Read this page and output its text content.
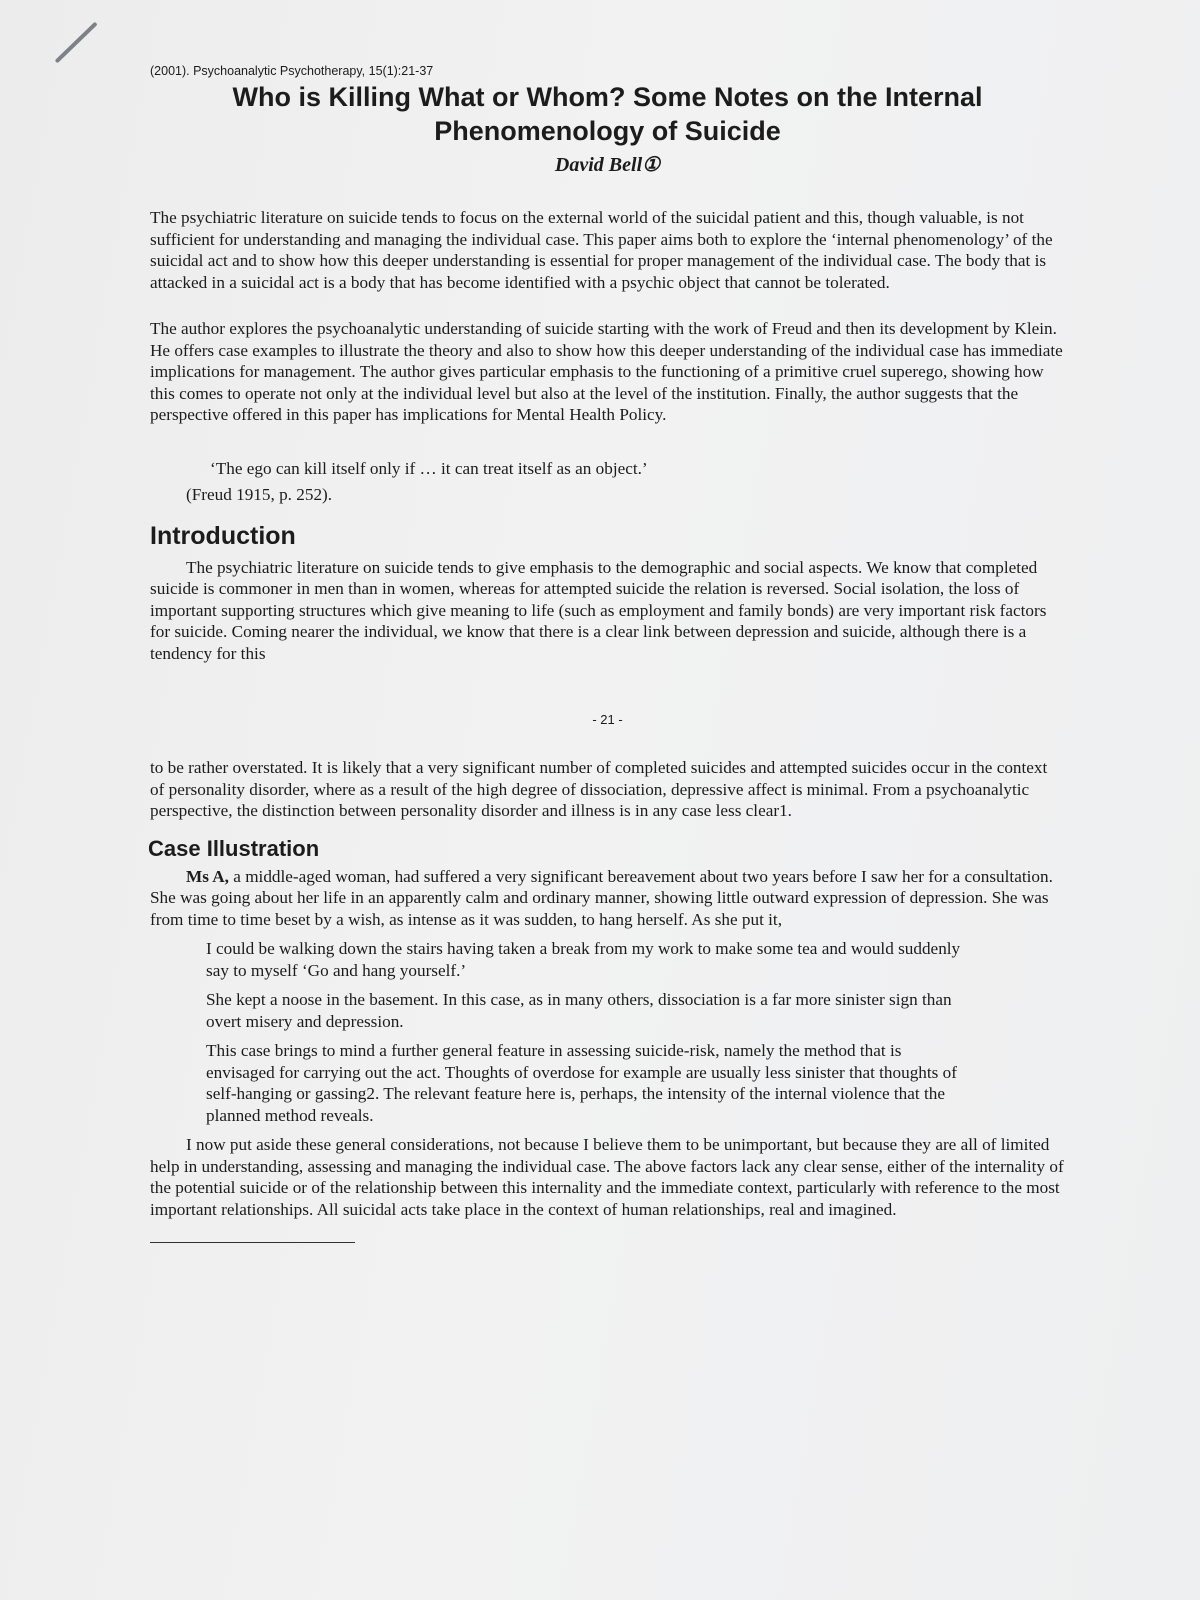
(2001). Psychoanalytic Psychotherapy, 15(1):21-37
Who is Killing What or Whom? Some Notes on the Internal
Phenomenology of Suicide
David Bell①

The psychiatric literature on suicide tends to focus on the external world of the suicidal patient and this, though valuable, is not sufficient for understanding and managing the individual case. This paper aims both to explore the ‘internal phenomenology’ of the suicidal act and to show how this deeper understanding is essential for proper management of the individual case. The body that is attacked in a suicidal act is a body that has become identified with a psychic object that cannot be tolerated.

The author explores the psychoanalytic understanding of suicide starting with the work of Freud and then its development by Klein. He offers case examples to illustrate the theory and also to show how this deeper understanding of the individual case has immediate implications for management. The author gives particular emphasis to the functioning of a primitive cruel superego, showing how this comes to operate not only at the individual level but also at the level of the institution. Finally, the author suggests that the perspective offered in this paper has implications for Mental Health Policy.

‘The ego can kill itself only if … it can treat itself as an object.’
(Freud 1915, p. 252).
Introduction

The psychiatric literature on suicide tends to give emphasis to the demographic and social aspects. We know that completed suicide is commoner in men than in women, whereas for attempted suicide the relation is reversed. Social isolation, the loss of important supporting structures which give meaning to life (such as employment and family bonds) are very important risk factors for suicide. Coming nearer the individual, we know that there is a clear link between depression and suicide, although there is a tendency for this

- 21 -

to be rather overstated. It is likely that a very significant number of completed suicides and attempted suicides occur in the context of personality disorder, where as a result of the high degree of dissociation, depressive affect is minimal. From a psychoanalytic perspective, the distinction between personality disorder and illness is in any case less clear1.

Case Illustration

Ms A, a middle-aged woman, had suffered a very significant bereavement about two years before I saw her for a consultation. She was going about her life in an apparently calm and ordinary manner, showing little outward expression of depression. She was from time to time beset by a wish, as intense as it was sudden, to hang herself. As she put it,

I could be walking down the stairs having taken a break from my work to make some tea and would suddenly say to myself ‘Go and hang yourself.’

She kept a noose in the basement. In this case, as in many others, dissociation is a far more sinister sign than overt misery and depression.

This case brings to mind a further general feature in assessing suicide-risk, namely the method that is envisaged for carrying out the act. Thoughts of overdose for example are usually less sinister that thoughts of self-hanging or gassing2. The relevant feature here is, perhaps, the intensity of the internal violence that the planned method reveals.

I now put aside these general considerations, not because I believe them to be unimportant, but because they are all of limited help in understanding, assessing and managing the individual case. The above factors lack any clear sense, either of the internality of the potential suicide or of the relationship between this internality and the immediate context, particularly with reference to the most important relationships. All suicidal acts take place in the context of human relationships, real and imagined.
